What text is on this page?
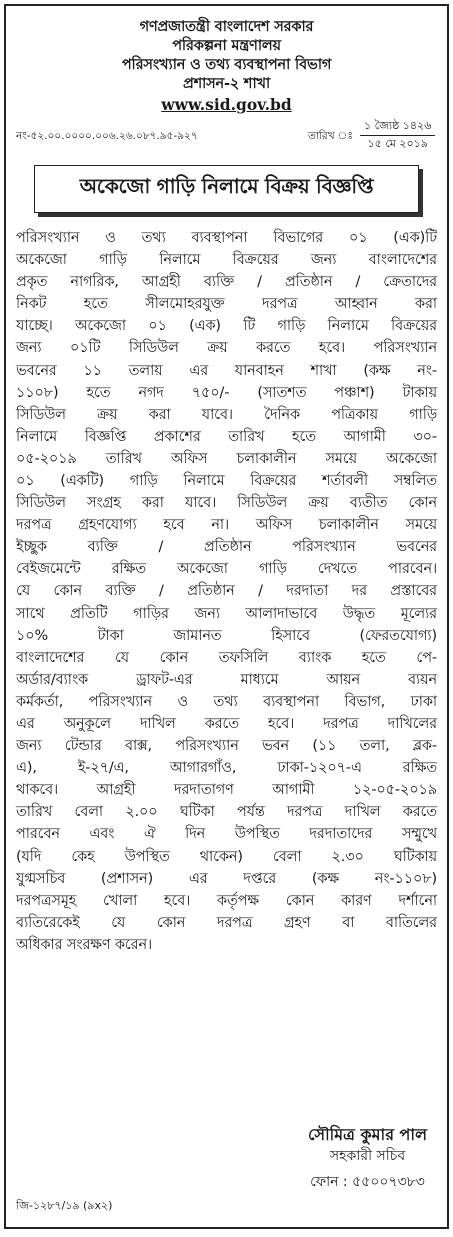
গণপ্রজাতন্ত্রী বাংলাদেশ সরকার
পরিকল্পনা মন্ত্রণালয়
পরিসংখ্যান ও তথ্য ব্যবস্থাপনা বিভাগ
প্রশাসন-২ শাখা
www.sid.gov.bd
নং-৫২.০০.০০০০.০০৬.২৬.০৮৭.৯৫-৯২৭	তারিখ ঃ
১ জ্যৈষ্ঠ ১৪২৬
১৫ মে ২০১৯
অকেজো গাড়ি নিলামে বিক্রয় বিজ্ঞপ্তি
পরিসংখ্যান ও তথ্য ব্যবস্থাপনা বিভাগের ০১ (এক)টি
অকেজো গাড়ি নিলামে বিক্রয়ের জন্য বাংলাদেশের
প্রকৃত নাগরিক, আগ্রহী ব্যক্তি / প্রতিষ্ঠান / ক্রেতাদের
নিকট হতে সীলমোহরযুক্ত দরপত্র আহ্বান করা
যাচ্ছে। অকেজো ০১ (এক) টি গাড়ি নিলামে বিক্রয়ের
জন্য ০১টি সিডিউল ক্রয় করতে হবে। পরিসংখ্যান
ভবনের ১১ তলায় এর যানবাহন শাখা (কক্ষ নং-
১১০৮) হতে নগদ ৭৫০/- (সাতশত পঞ্চাশ) টাকায়
সিডিউল ক্রয় করা যাবে। দৈনিক পত্রিকায় গাড়ি
নিলামে বিজ্ঞপ্তি প্রকাশের তারিখ হতে আগামী ৩০-
০৫-২০১৯ তারিখ অফিস চলাকালীন সময়ে অকেজো
০১ (একটি) গাড়ি নিলামে বিক্রয়ের শর্তাবলী সম্বলিত
সিডিউল সংগ্রহ করা যাবে। সিডিউল ক্রয় ব্যতীত কোন
দরপত্র গ্রহণযোগ্য হবে না। অফিস চলাকালীন সময়ে
ইচ্ছুক ব্যক্তি / প্রতিষ্ঠান পরিসংখ্যান ভবনের
বেইজমেন্টে রক্ষিত অকেজো গাড়ি দেখতে পারবেন।
যে কোন ব্যক্তি / প্রতিষ্ঠান / দরদাতা দর প্রস্তাবের
সাথে প্রতিটি গাড়ির জন্য আলাদাভাবে উদ্ধৃত মূল্যের
১০% টাকা জামানত হিসাবে (ফেরতযোগ্য)
বাংলাদেশের যে কোন তফসিলি ব্যাংক হতে পে-
অর্ডার/ব্যাংক ড্রাফট-এর মাধ্যমে আয়ন ব্যয়ন
কর্মকর্তা, পরিসংখ্যান ও তথ্য ব্যবস্থাপনা বিভাগ, ঢাকা
এর অনুকূলে দাখিল করতে হবে। দরপত্র দাখিলের
জন্য টেন্ডার বাক্স, পরিসংখ্যান ভবন (১১ তলা, ব্লক-
এ), ই-২৭/এ, আগারগাঁও, ঢাকা-১২০৭-এ রক্ষিত
থাকবে। আগ্রহী দরদাতাগণ আগামী ১২-০৫-২০১৯
তারিখ বেলা ২.০০ ঘটিকা পর্যন্ত দরপত্র দাখিল করতে
পারবেন এবং ঐ দিন উপস্থিত দরদাতাদের সম্মুখে
(যদি কেহ উপস্থিত থাকেন) বেলা ২.৩০ ঘটিকায়
যুগ্মসচিব (প্রশাসন) এর দপ্তরে (কক্ষ নং-১১০৮)
দরপত্রসমূহ খোলা হবে। কর্তৃপক্ষ কোন কারণ দর্শানো
ব্যতিরেকেই যে কোন দরপত্র গ্রহণ বা বাতিলের
অধিকার সংরক্ষণ করেন।
সৌমিত্র কুমার পাল
সহকারী সচিব
ফোন : ৫৫০০৭৩৮৩
জি-১২৮৭/১৯ (৯x২)
